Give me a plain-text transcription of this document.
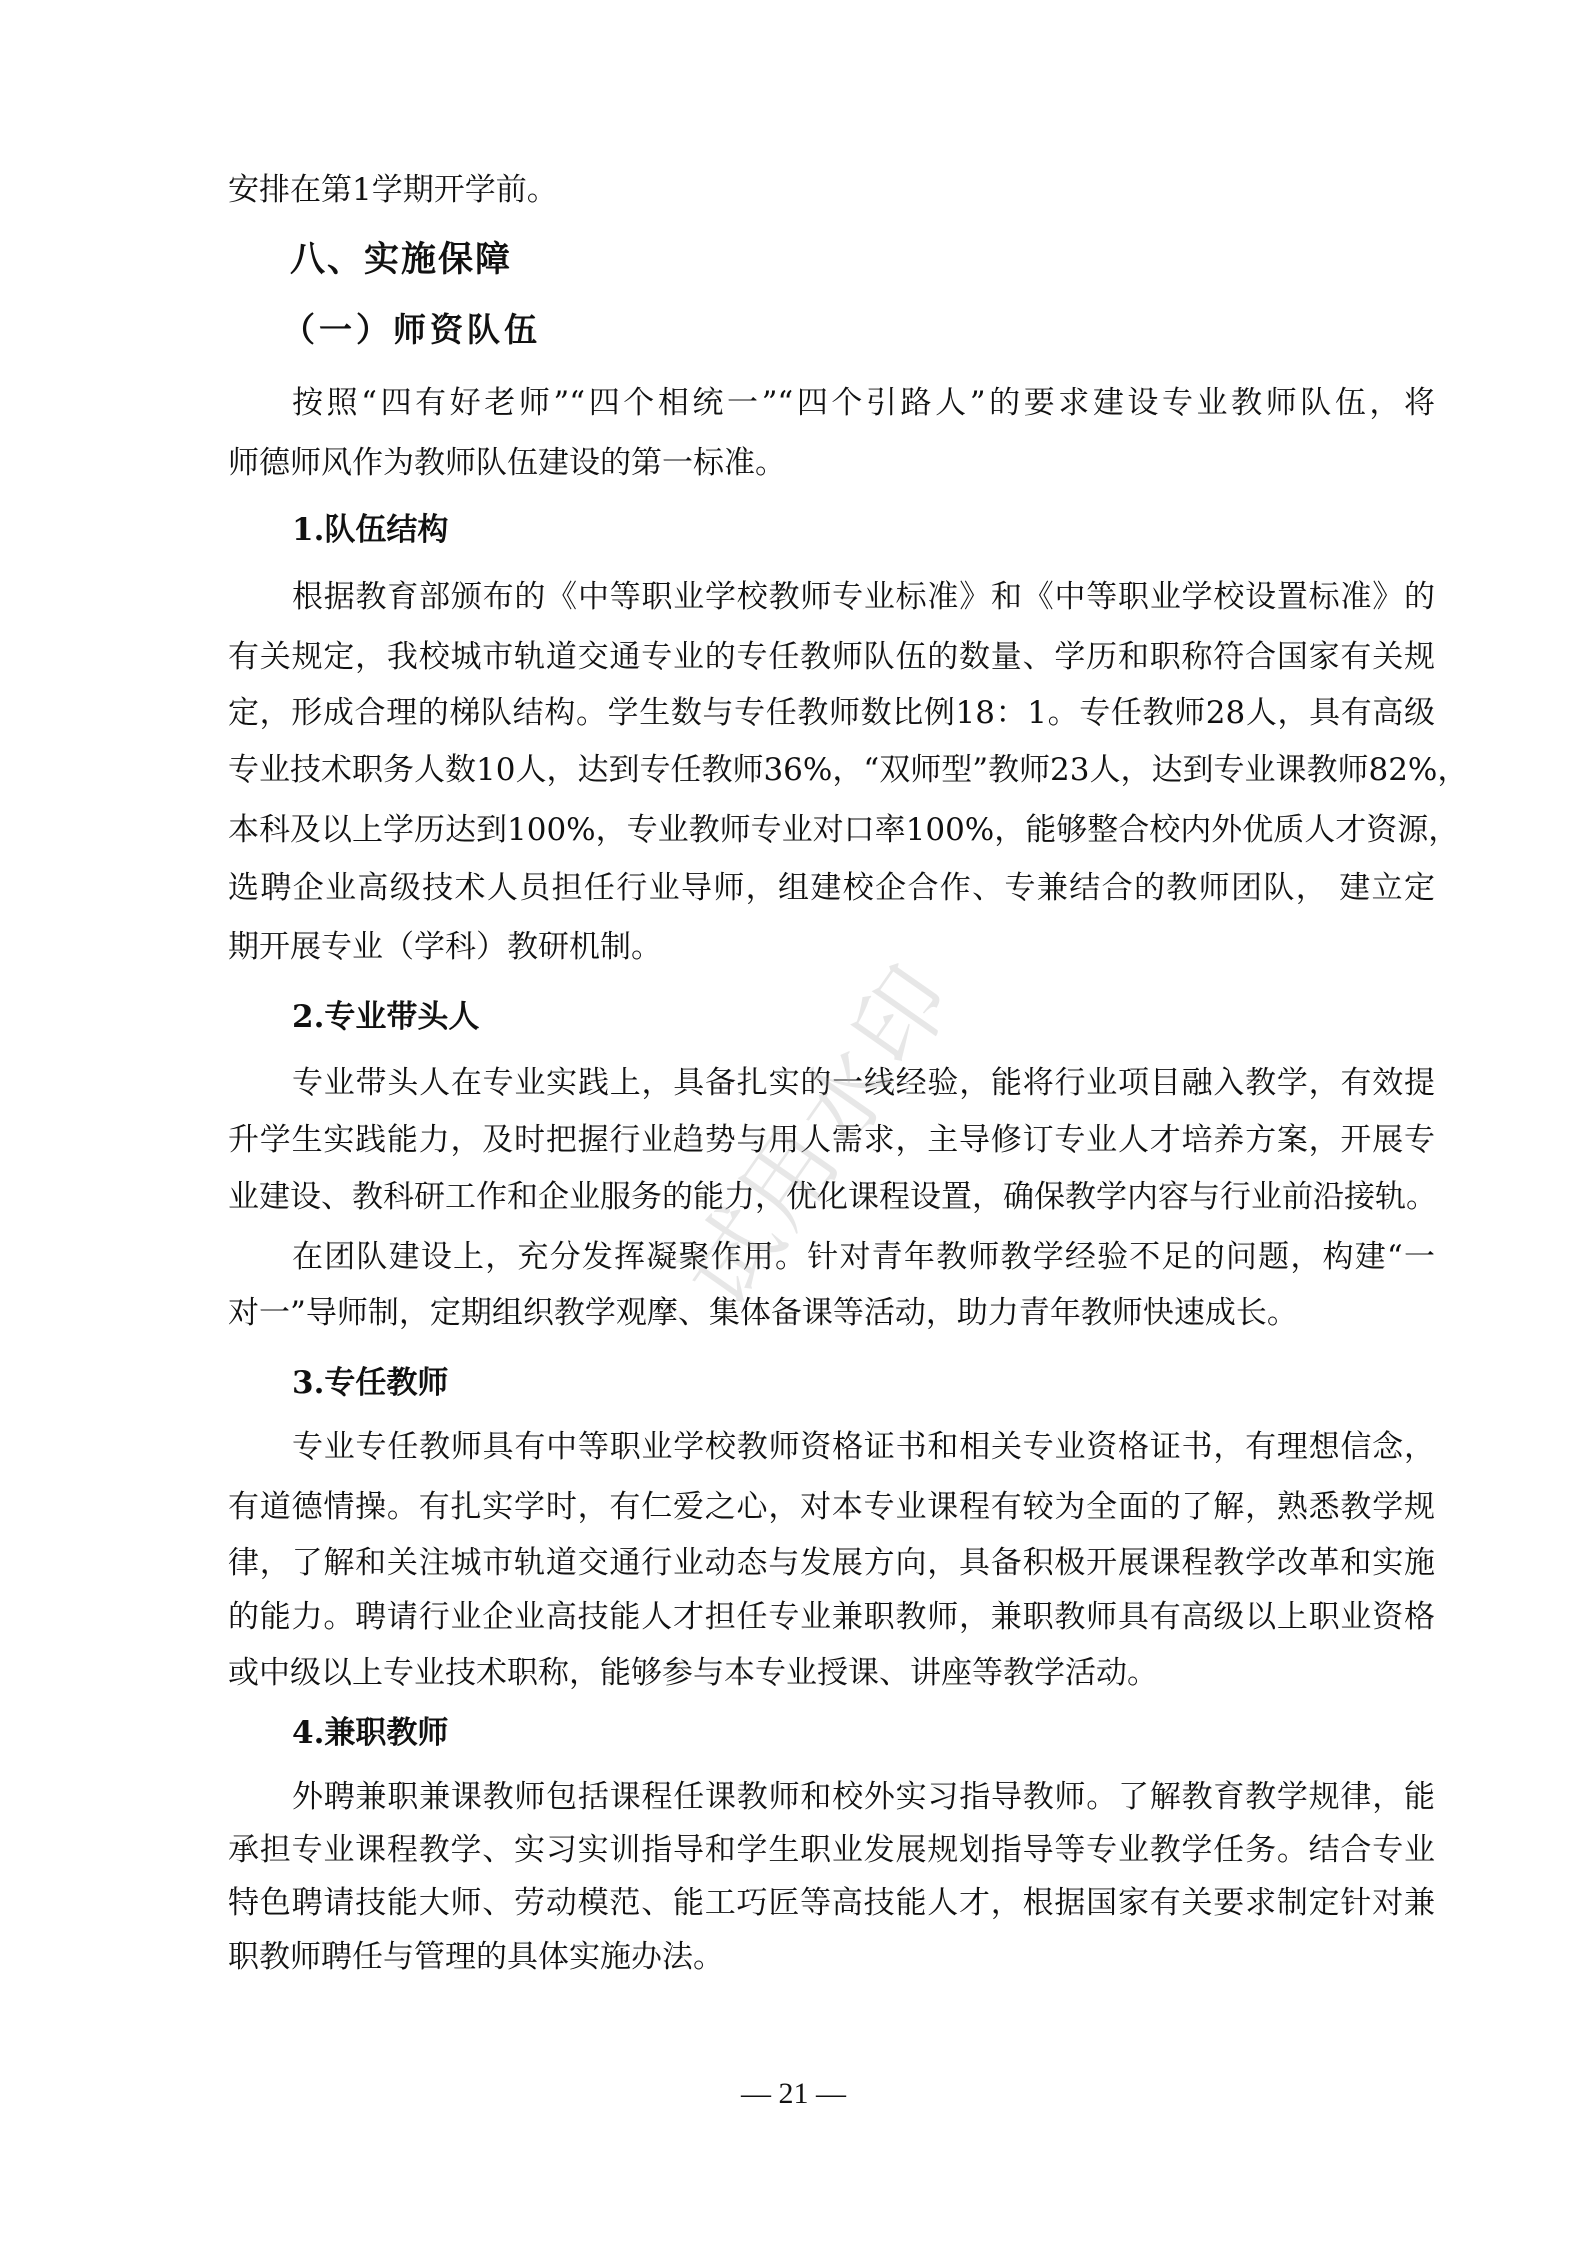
安排在第1学期开学前。
八、实施保障
（一）师资队伍
按照“四有好老师”“四个相统一”“四个引路人”的要求建设专业教师队伍，将
师德师风作为教师队伍建设的第一标准。
1.队伍结构
根据教育部颁布的《中等职业学校教师专业标准》和《中等职业学校设置标准》的
有关规定，我校城市轨道交通专业的专任教师队伍的数量、学历和职称符合国家有关规
定，形成合理的梯队结构。学生数与专任教师数比例18：1。专任教师28人，具有高级
专业技术职务人数10人，达到专任教师36%，“双师型”教师23人，达到专业课教师82%，
本科及以上学历达到100%，专业教师专业对口率100%，能够整合校内外优质人才资源，
选聘企业高级技术人员担任行业导师，组建校企合作、专兼结合的教师团队， 建立定
期开展专业（学科）教研机制。
2.专业带头人
专业带头人在专业实践上，具备扎实的一线经验，能将行业项目融入教学，有效提
升学生实践能力，及时把握行业趋势与用人需求，主导修订专业人才培养方案，开展专
业建设、教科研工作和企业服务的能力，优化课程设置，确保教学内容与行业前沿接轨。
在团队建设上，充分发挥凝聚作用。针对青年教师教学经验不足的问题，构建“一
对一”导师制，定期组织教学观摩、集体备课等活动，助力青年教师快速成长。
3.专任教师
专业专任教师具有中等职业学校教师资格证书和相关专业资格证书，有理想信念，
有道德情操。有扎实学时，有仁爱之心，对本专业课程有较为全面的了解，熟悉教学规
律，了解和关注城市轨道交通行业动态与发展方向，具备积极开展课程教学改革和实施
的能力。聘请行业企业高技能人才担任专业兼职教师，兼职教师具有高级以上职业资格
或中级以上专业技术职称，能够参与本专业授课、讲座等教学活动。
4.兼职教师
外聘兼职兼课教师包括课程任课教师和校外实习指导教师。了解教育教学规律，能
承担专业课程教学、实习实训指导和学生职业发展规划指导等专业教学任务。结合专业
特色聘请技能大师、劳动模范、能工巧匠等高技能人才，根据国家有关要求制定针对兼
职教师聘任与管理的具体实施办法。
试用水印
— 21 —
